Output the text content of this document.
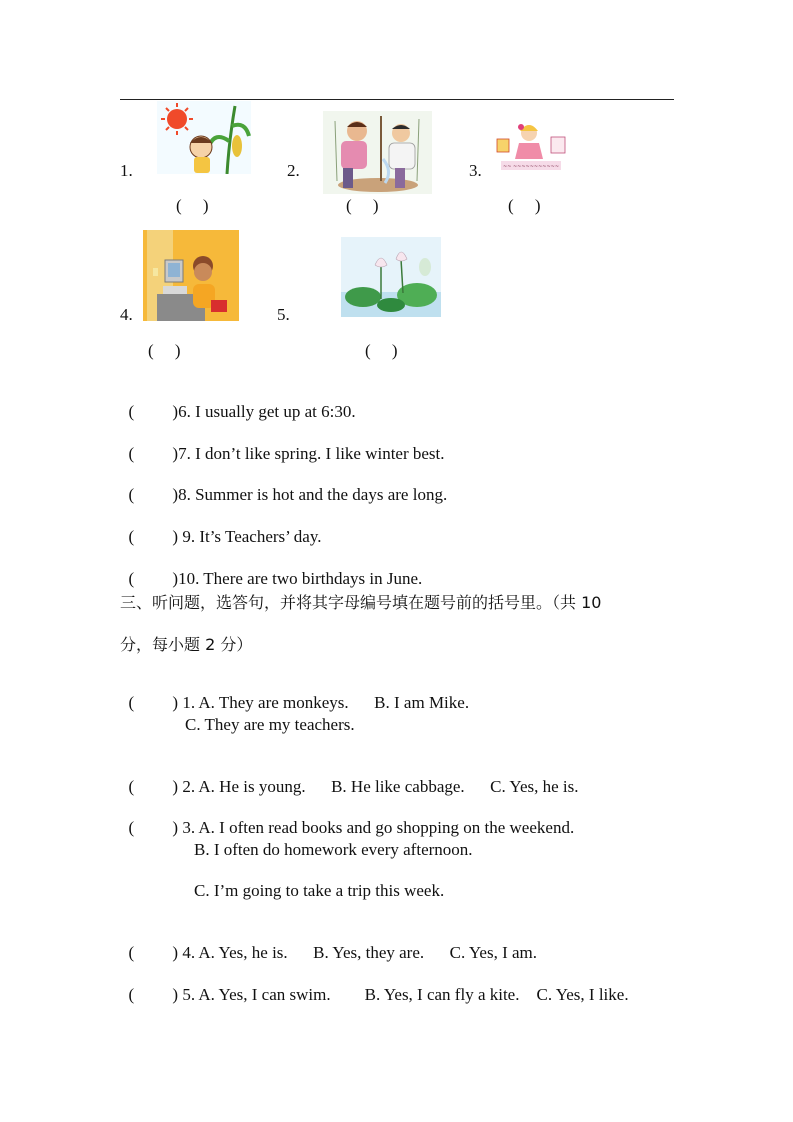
1.
(  )
2.
(  )
3.	~~ ~~~~~~~~~~~
(  )
4.
(  )
5.
(  )

(   )6. I usually get up at 6:30.

(   )7. I don’t like spring. I like winter best.

(   )8. Summer is hot and the days are long.

(   ) 9. It’s Teachers’ day.

(   )10. There are two birthdays in June.

三、听问题，选答句，并将其字母编号填在题号前的括号里。（共 10
分，每小题 2 分）

(   ) 1. A. They are monkeys.      B. I am Mike.

C. They are my teachers.

(   ) 2. A. He is young.      B. He like cabbage.      C. Yes, he is.

(   ) 3. A. I often read books and go shopping on the weekend.

B. I often do homework every afternoon.
C. I’m going to take a trip this week.

(   ) 4. A. Yes, he is.      B. Yes, they are.      C. Yes, I am.

(   ) 5. A. Yes, I can swim.        B. Yes, I can fly a kite.    C. Yes, I like.
